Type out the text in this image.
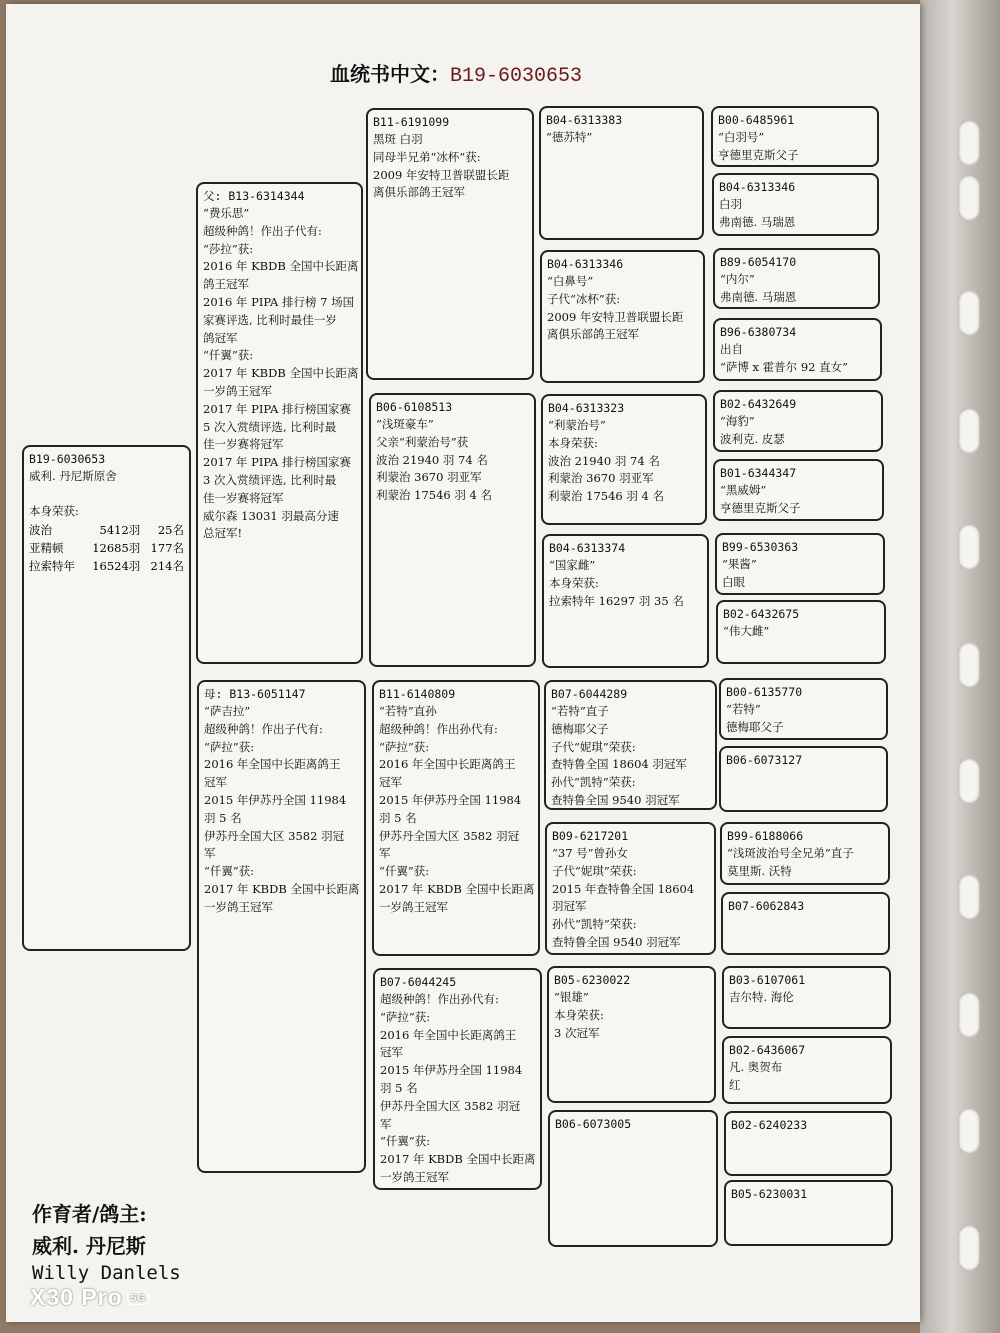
血统书中文：B19-6030653
B19-6030653
威利. 丹尼斯原舍
本身荣获:
波治	5412羽	25名
亚精顿	12685羽 177名
拉索特年	16524羽 214名
父: B13-6314344
“费乐思”
超级种鸽！作出子代有:
“莎拉”获:
2016 年 KBDB 全国中长距离
鸽王冠军
2016 年 PIPA 排行榜 7 场国
家赛评选, 比利时最佳一岁
鸽冠军
“仟翼”获:
2017 年 KBDB 全国中长距离
一岁鸽王冠军
2017 年 PIPA 排行榜国家赛
5 次入赏绩评选, 比利时最
佳一岁赛将冠军
2017 年 PIPA 排行榜国家赛
3 次入赏绩评选, 比利时最
佳一岁赛将冠军
威尔森 13031 羽最高分速
总冠军!
母: B13-6051147
“萨吉拉”
超级种鸽！作出子代有:
“萨拉”获:
2016 年全国中长距离鸽王
冠军
2015 年伊苏丹全国 11984
羽 5 名
伊苏丹全国大区 3582 羽冠
军
“仟翼”获:
2017 年 KBDB 全国中长距离
一岁鸽王冠军
B11-6191099
黑斑 白羽
同母半兄弟“冰杯”获:
2009 年安特卫普联盟长距
离俱乐部鸽王冠军
B06-6108513
“浅斑豪车”
父亲“利蒙治号”获
波治 21940 羽 74 名
利蒙治 3670 羽亚军
利蒙治 17546 羽 4 名
B11-6140809
“若特”直孙
超级种鸽！作出孙代有:
“萨拉”获:
2016 年全国中长距离鸽王
冠军
2015 年伊苏丹全国 11984
羽 5 名
伊苏丹全国大区 3582 羽冠
军
“仟翼”获:
2017 年 KBDB 全国中长距离
一岁鸽王冠军
B07-6044245
超级种鸽！作出孙代有:
“萨拉”获:
2016 年全国中长距离鸽王
冠军
2015 年伊苏丹全国 11984
羽 5 名
伊苏丹全国大区 3582 羽冠
军
“仟翼”获:
2017 年 KBDB 全国中长距离
一岁鸽王冠军
B04-6313383
“德苏特”
B04-6313346
“白鼻号”
子代“冰杯”获:
2009 年安特卫普联盟长距
离俱乐部鸽王冠军
B04-6313323
“利蒙治号”
本身荣获:
波治 21940 羽 74 名
利蒙治 3670 羽亚军
利蒙治 17546 羽 4 名
B04-6313374
“国家雌”
本身荣获:
拉索特年 16297 羽 35 名
B07-6044289
“若特”直子
德梅耶父子
子代“妮琪”荣获:
查特鲁全国 18604 羽冠军
孙代“凯特”荣获:
查特鲁全国 9540 羽冠军
B09-6217201
“37 号”曾孙女
子代“妮琪”荣获:
2015 年查特鲁全国 18604
羽冠军
孙代“凯特”荣获:
查特鲁全国 9540 羽冠军
B05-6230022
“银雄”
本身荣获:
3 次冠军
B06-6073005
B00-6485961
“白羽号”
亨德里克斯父子
B04-6313346
白羽
弗南德. 马瑞恩
B89-6054170
“内尔”
弗南德. 马瑞恩
B96-6380734
出自
“萨博 x 霍普尔 92 直女”
B02-6432649
“海豹”
波利克. 皮瑟
B01-6344347
“黑威姆”
亨德里克斯父子
B99-6530363
“果酱”
白眼
B02-6432675
“伟大雌”
B00-6135770
“若特”
德梅耶父子
B06-6073127
B99-6188066
“浅斑波治号全兄弟”直子
莫里斯. 沃特
B07-6062843
B03-6107061
吉尔特. 海伦
B02-6436067
凡. 奥贺布
红
B02-6240233
B05-6230031
作育者/鸽主:
威利. 丹尼斯
Willy Danlels
X30 Pro 5G
